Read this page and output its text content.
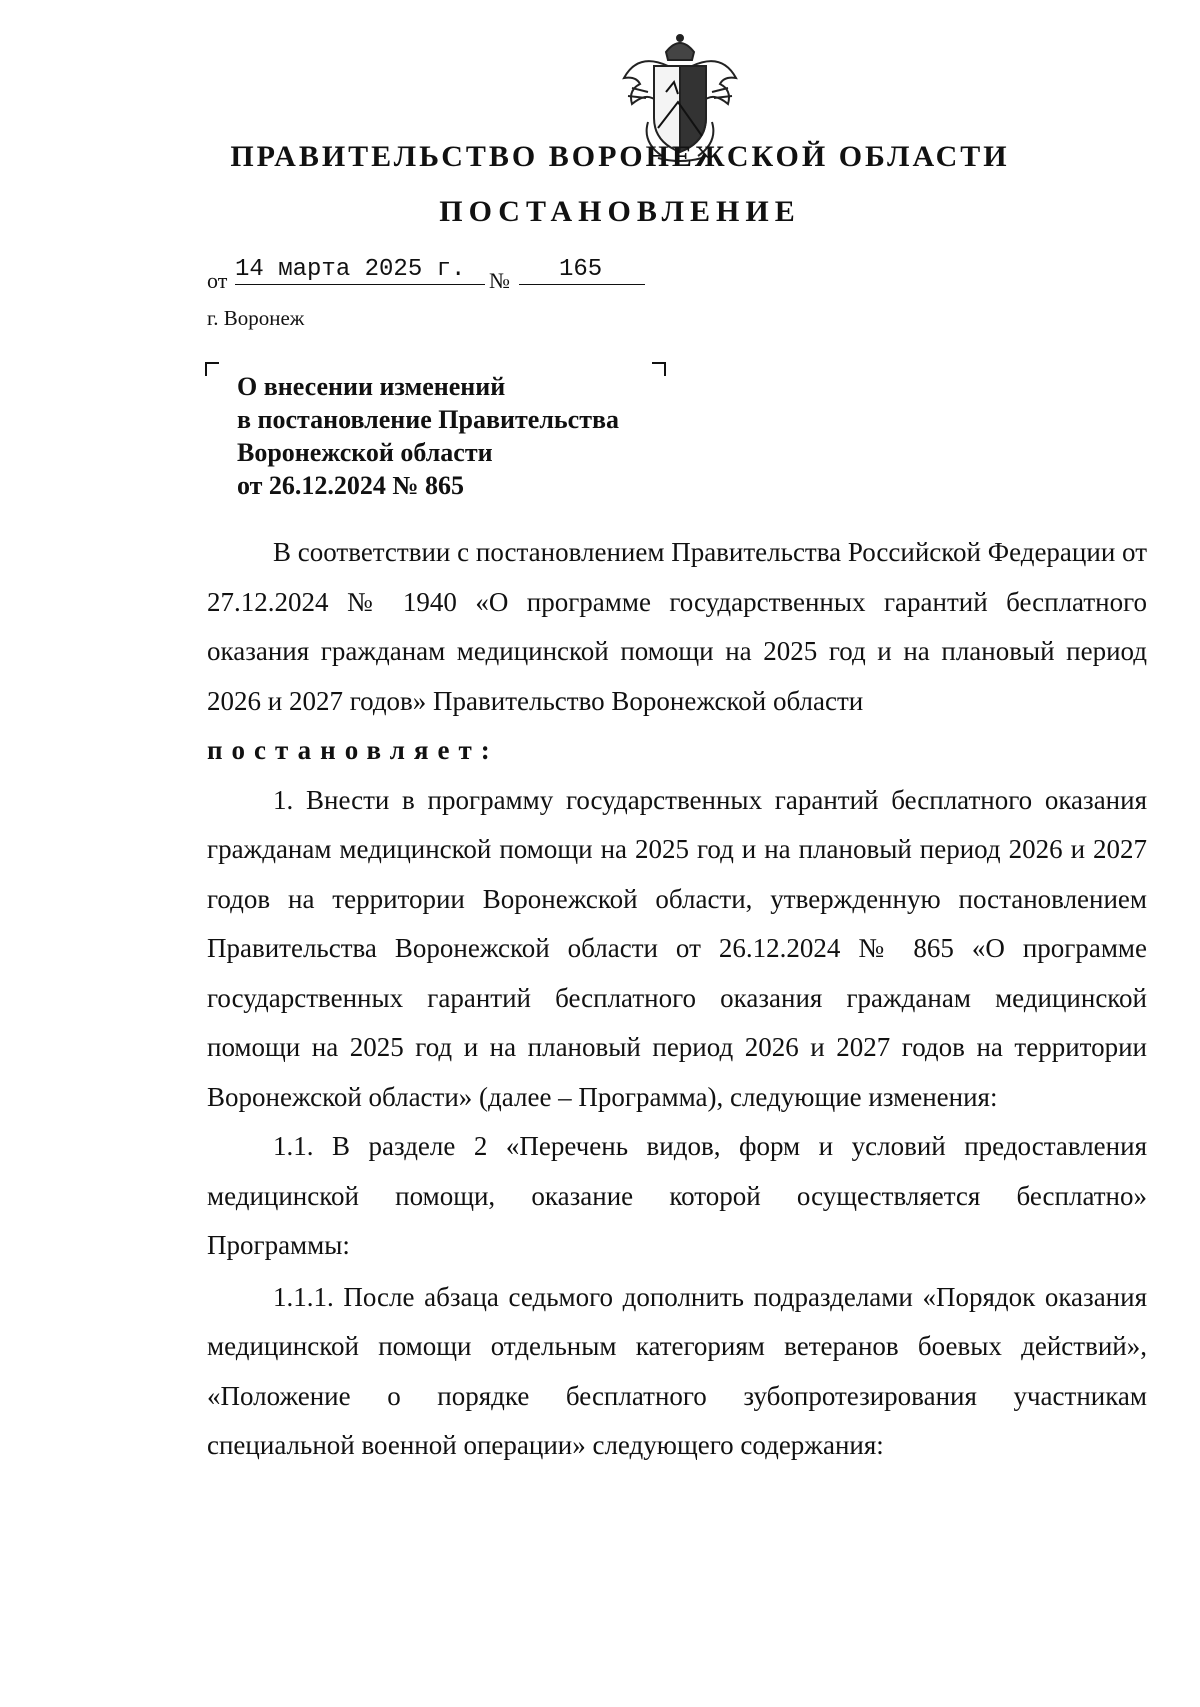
ПРАВИТЕЛЬСТВО ВОРОНЕЖСКОЙ ОБЛАСТИ
ПОСТАНОВЛЕНИЕ
от 14 марта 2025 г.	№	165
г. Воронеж
О внесении изменений
в постановление Правительства
Воронежской области
от 26.12.2024 № 865

В соответствии с постановлением Правительства Российской Федерации от 27.12.2024 № 1940 «О программе государственных гарантий бесплатного оказания гражданам медицинской помощи на 2025 год и на плановый период 2026 и 2027 годов» Правительство Воронежской области

постановляет:

1. Внести в программу государственных гарантий бесплатного оказания гражданам медицинской помощи на 2025 год и на плановый период 2026 и 2027 годов на территории Воронежской области, утвержденную постановлением Правительства Воронежской области от 26.12.2024 № 865 «О программе государственных гарантий бесплатного оказания гражданам медицинской помощи на 2025 год и на плановый период 2026 и 2027 годов на территории Воронежской области» (далее – Программа), следующие изменения:

1.1. В разделе 2 «Перечень видов, форм и условий предоставления медицинской помощи, оказание которой осуществляется бесплатно» Программы:

1.1.1. После абзаца седьмого дополнить подразделами «Порядок оказания медицинской помощи отдельным категориям ветеранов боевых действий», «Положение о порядке бесплатного зубопротезирования участникам специальной военной операции» следующего содержания:
